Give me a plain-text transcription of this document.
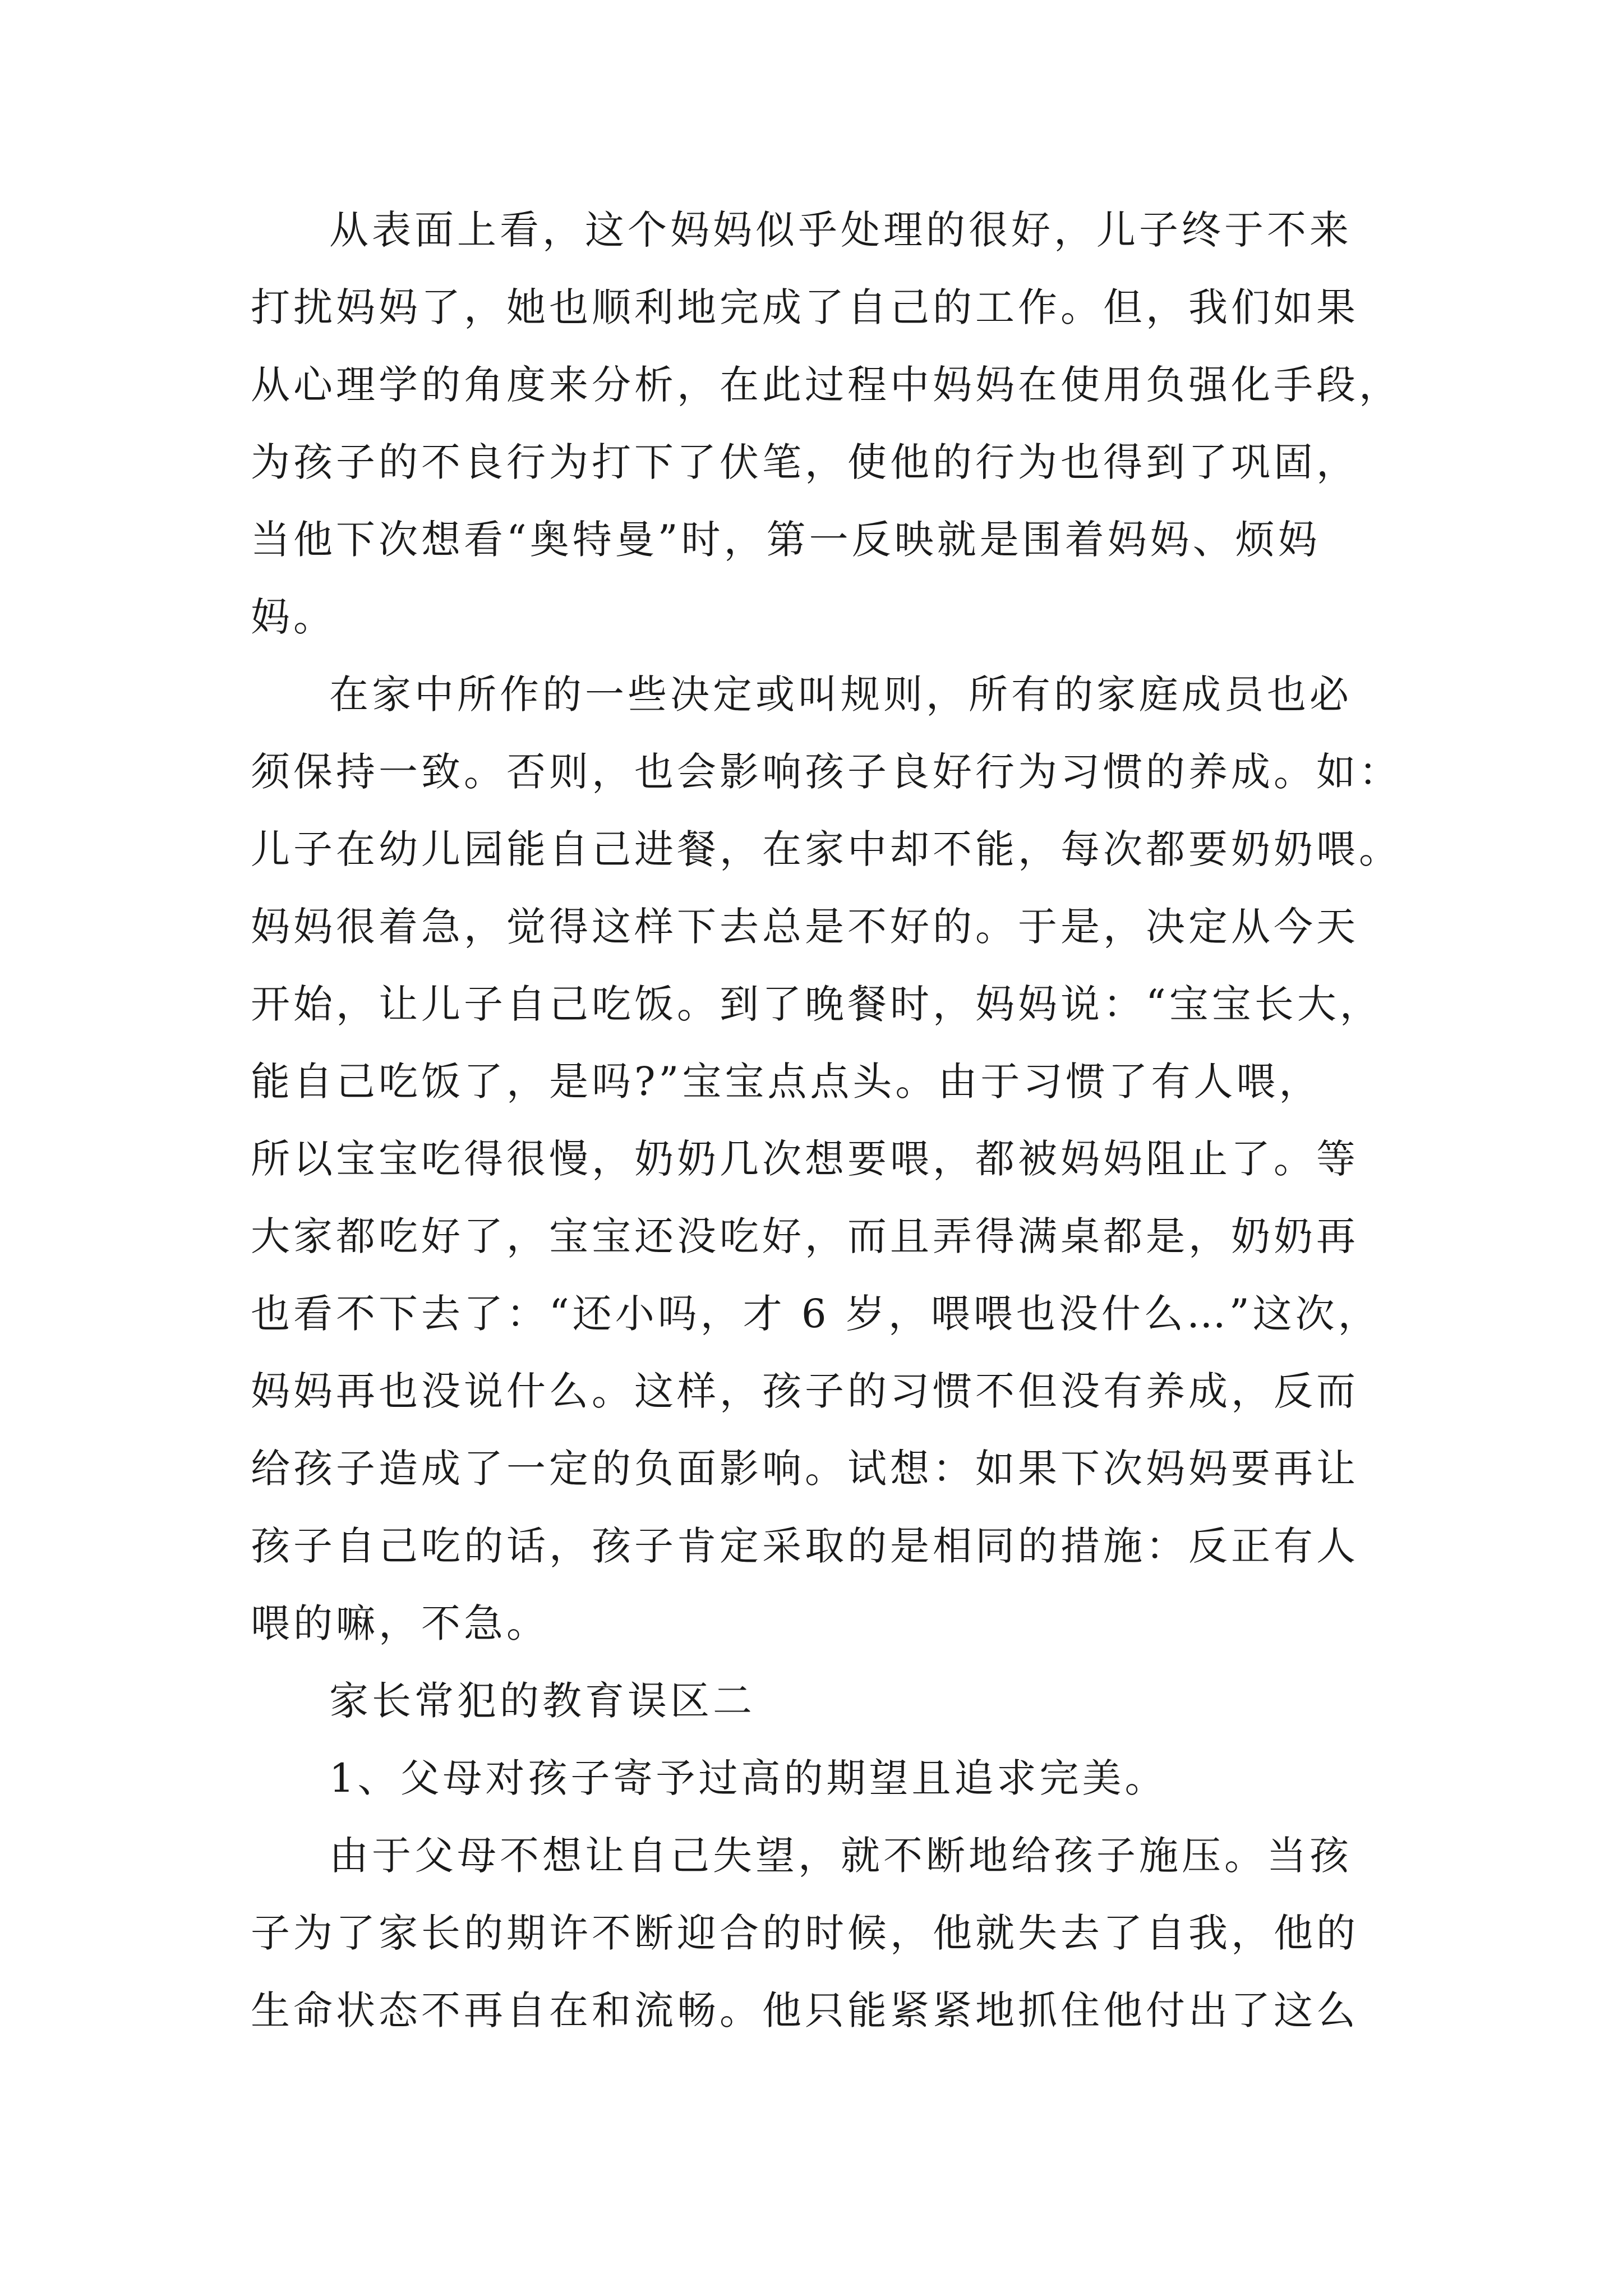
从表面上看，这个妈妈似乎处理的很好，儿子终于不来
打扰妈妈了，她也顺利地完成了自己的工作。但，我们如果
从心理学的角度来分析，在此过程中妈妈在使用负强化手段，
为孩子的不良行为打下了伏笔，使他的行为也得到了巩固，
当他下次想看“奥特曼”时，第一反映就是围着妈妈、烦妈
妈。
在家中所作的一些决定或叫规则，所有的家庭成员也必
须保持一致。否则，也会影响孩子良好行为习惯的养成。如：
儿子在幼儿园能自己进餐，在家中却不能，每次都要奶奶喂。
妈妈很着急，觉得这样下去总是不好的。于是，决定从今天
开始，让儿子自己吃饭。到了晚餐时，妈妈说：“宝宝长大，
能自己吃饭了，是吗?”宝宝点点头。由于习惯了有人喂，
所以宝宝吃得很慢，奶奶几次想要喂，都被妈妈阻止了。等
大家都吃好了，宝宝还没吃好，而且弄得满桌都是，奶奶再
也看不下去了：“还小吗，才 6 岁，喂喂也没什么…”这次，
妈妈再也没说什么。这样，孩子的习惯不但没有养成，反而
给孩子造成了一定的负面影响。试想：如果下次妈妈要再让
孩子自己吃的话，孩子肯定采取的是相同的措施：反正有人
喂的嘛，不急。
家长常犯的教育误区二
1、父母对孩子寄予过高的期望且追求完美。
由于父母不想让自己失望，就不断地给孩子施压。当孩
子为了家长的期许不断迎合的时候，他就失去了自我，他的
生命状态不再自在和流畅。他只能紧紧地抓住他付出了这么
